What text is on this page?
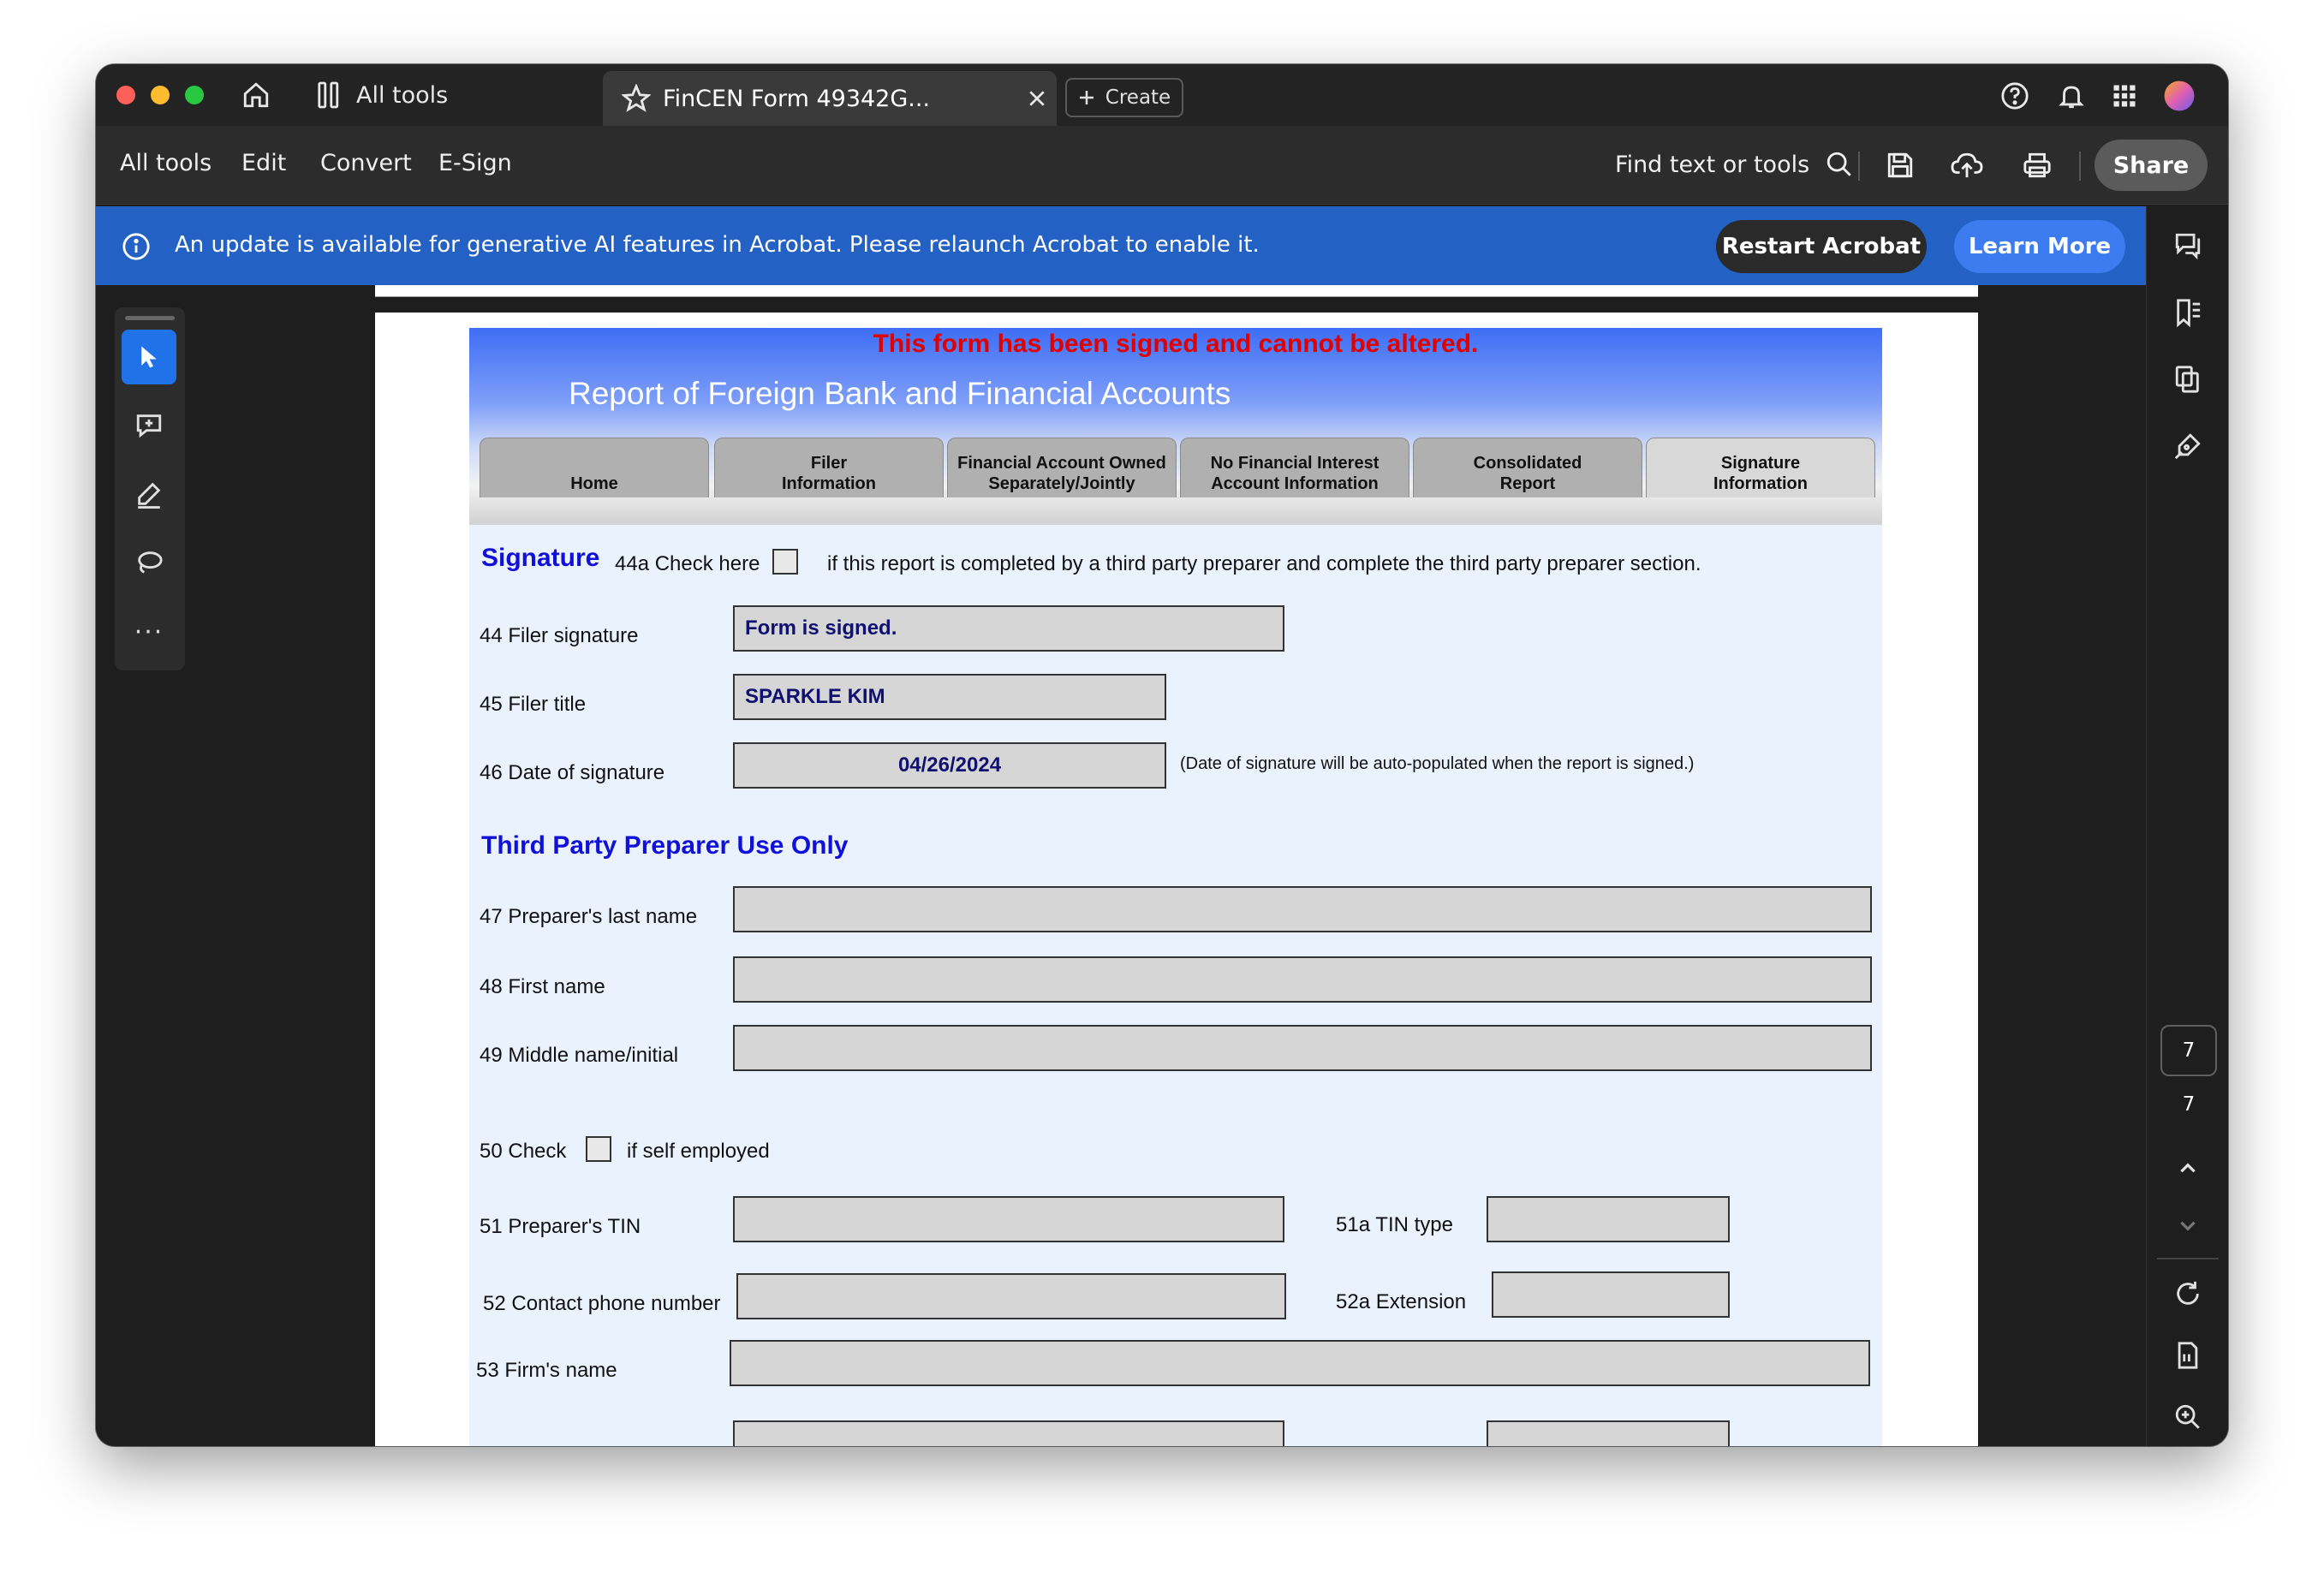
All tools	FinCEN Form 49342G...	Create
All tools Edit Convert E-Sign	Find text or tools	Share
An update is available for generative AI features in Acrobat. Please relaunch Acrobat to enable it.	Restart Acrobat	Learn More
This form has been signed and cannot be altered.
Report of Foreign Bank and Financial Accounts
Home
Filer
Information
Financial Account Owned
Separately/Jointly
No Financial Interest
Account Information
Consolidated
Report
Signature
Information
Signature 44a Check here	if this report is completed by a third party preparer and complete the third party preparer section.
44 Filer signature	Form is signed.
45 Filer title	SPARKLE KIM
46 Date of signature	04/26/2024	(Date of signature will be auto-populated when the report is signed.)
Third Party Preparer Use Only
47 Preparer's last name
48 First name
49 Middle name/initial
50 Check	if self employed
51 Preparer's TIN	51a TIN type
52 Contact phone number	52a Extension
53 Firm's name
···
7
7
